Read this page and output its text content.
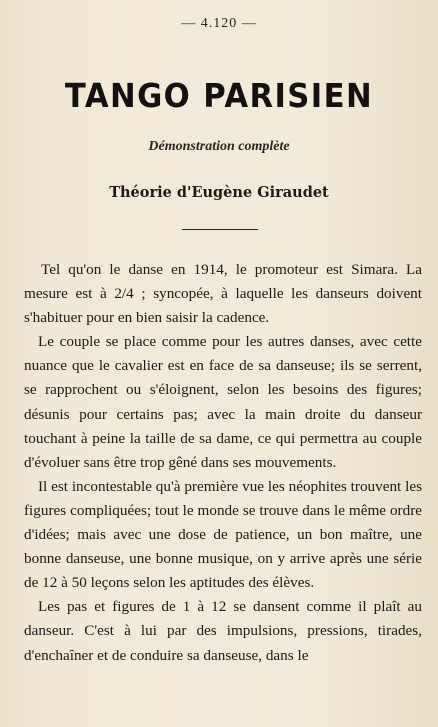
— 4.120 —
TANGO PARISIEN
Démonstration complète
Théorie d'Eugène Giraudet

Tel qu'on le danse en 1914, le promoteur est Simara. La mesure est à 2/4 ; syncopée, à laquelle les danseurs doivent s'habituer pour en bien saisir la cadence.

Le couple se place comme pour les autres danses, avec cette nuance que le cavalier est en face de sa danseuse; ils se serrent, se rapprochent ou s'éloignent, selon les besoins des figures; désunis pour certains pas; avec la main droite du danseur touchant à peine la taille de sa dame, ce qui permettra au couple d'évoluer sans être trop gêné dans ses mouvements.

Il est incontestable qu'à première vue les néophites trouvent les figures compliquées; tout le monde se trouve dans le même ordre d'idées; mais avec une dose de patience, un bon maître, une bonne danseuse, une bonne musique, on y arrive après une série de 12 à 50 leçons selon les aptitudes des élèves.

Les pas et figures de 1 à 12 se dansent comme il plaît au danseur. C'est à lui par des impulsions, pressions, tirades, d'enchaîner et de conduire sa danseuse, dans le
